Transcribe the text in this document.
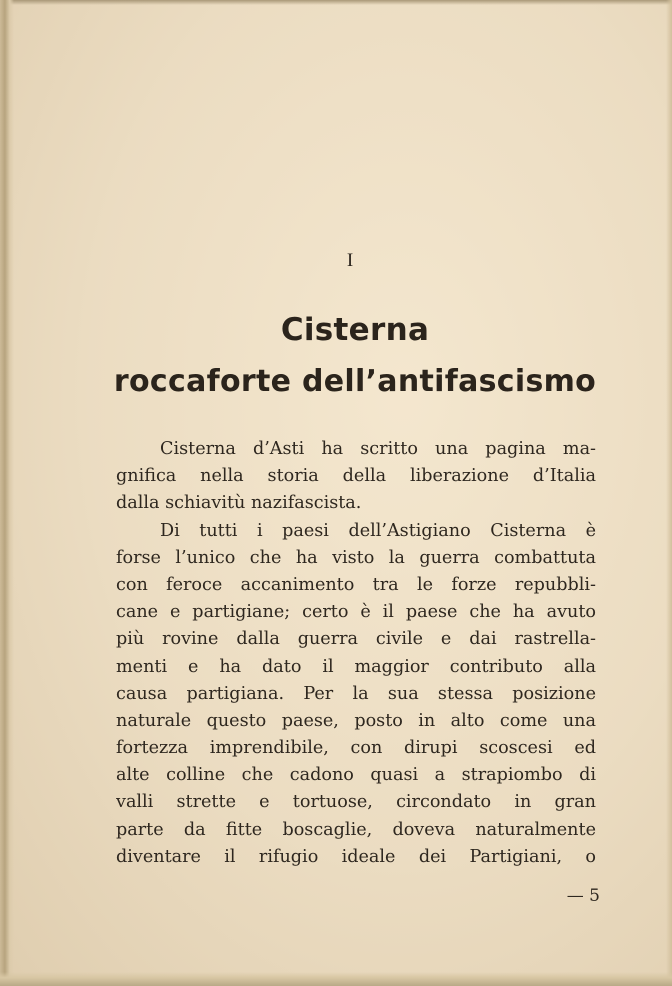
I
Cisterna
roccaforte dell’antifascismo
Cisterna d’Asti ha scritto una pagina ma-
gnifica nella storia della liberazione d’Italia
dalla schiavitù nazifascista.
Di tutti i paesi dell’Astigiano Cisterna è
forse l’unico che ha visto la guerra combattuta
con feroce accanimento tra le forze repubbli-
cane e partigiane; certo è il paese che ha avuto
più rovine dalla guerra civile e dai rastrella-
menti e ha dato il maggior contributo alla
causa partigiana. Per la sua stessa posizione
naturale questo paese, posto in alto come una
fortezza imprendibile, con dirupi scoscesi ed
alte colline che cadono quasi a strapiombo di
valli strette e tortuose, circondato in gran
parte da fitte boscaglie, doveva naturalmente
diventare il rifugio ideale dei Partigiani, o
— 5
